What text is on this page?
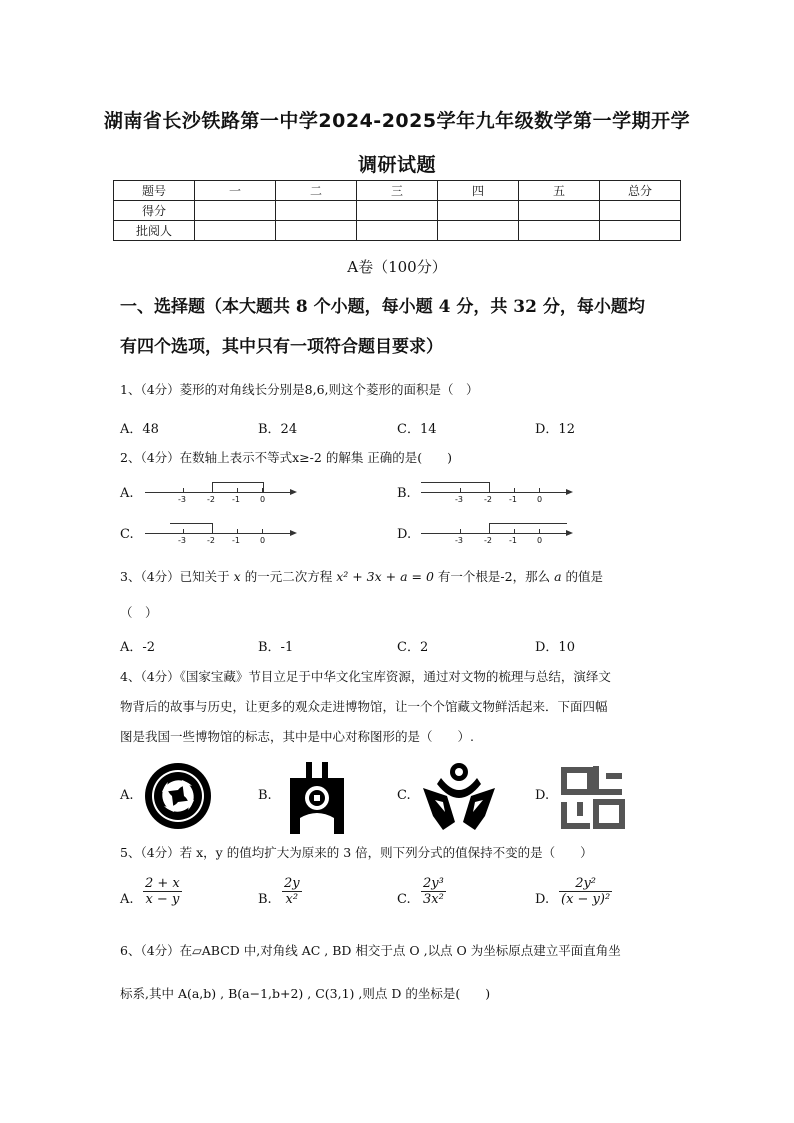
湖南省长沙铁路第一中学2024-2025学年九年级数学第一学期开学
调研试题
题号	一	二	三	四	五	总分
得分						
批阅人						
A卷（100分）
一、选择题（本大题共 8 个小题，每小题 4 分，共 32 分，每小题均
有四个选项，其中只有一项符合题目要求）
1、（4分）菱形的对角线长分别是8,6,则这个菱形的面积是（　）
A．48	B．24	C．14	D．12
2、（4分）在数轴上表示不等式x≥-2 的解集 正确的是(　　)
A.	-3	-2 -1	0	B.	-3	-2 -1	0
C.	-3	-2 -1	0	D.	-3	-2 -1	0
3、（4分）已知关于 x 的一元二次方程 x² + 3x + a = 0 有一个根是-2，那么 a 的值是
（　）
A．-2	B．-1	C．2	D．10
4、（4分）《国家宝藏》节目立足于中华文化宝库资源，通过对文物的梳理与总结，演绎文
物背后的故事与历史，让更多的观众走进博物馆，让一个个馆藏文物鲜活起来．下面四幅
图是我国一些博物馆的标志，其中是中心对称图形的是（　　）.
A.	B.	C.	D.
5、（4分）若 x，y 的值均扩大为原来的 3 倍，则下列分式的值保持不变的是（　　）
A. $\frac{2 + x}{x - y}$	B. $\frac{2y}{\text{x²}}$	C. $\frac{\text{2y³}}{\text{3x²}}$	D. $\frac{\text{2y²}}{\text{(x − y)²}}$
6、（4分）在▱ABCD 中,对角线 AC , BD 相交于点 O ,以点 O 为坐标原点建立平面直角坐
标系,其中 A(a,b) , B(a−1,b+2) , C(3,1) ,则点 D 的坐标是(　　)
